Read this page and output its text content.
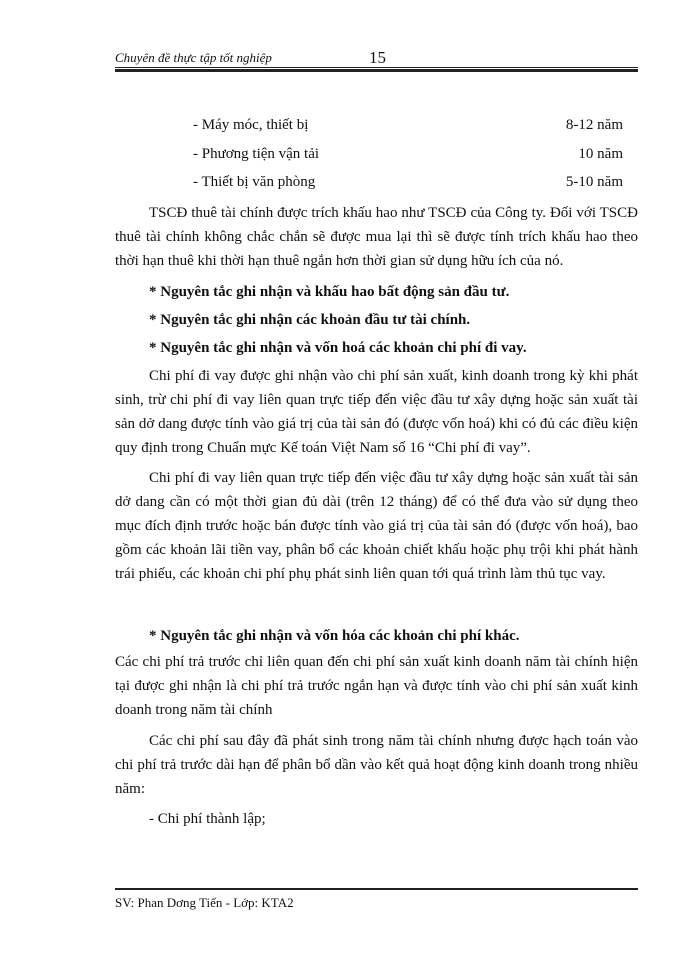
Chuyên đề thực tập tốt nghiệp	15
- Máy móc, thiết bị	8-12 năm
- Phương tiện vận tải	10 năm
- Thiết bị văn phòng	5-10 năm
TSCĐ thuê tài chính được trích khấu hao như TSCĐ của Công ty. Đối với TSCĐ thuê tài chính không chắc chắn sẽ được mua lại thì sẽ được tính trích khấu hao theo thời hạn thuê khi thời hạn thuê ngắn hơn thời gian sử dụng hữu ích của nó.
* Nguyên tắc ghi nhận và khấu hao bất động sản đầu tư.
* Nguyên tắc ghi nhận các khoản đầu tư tài chính.
* Nguyên tắc ghi nhận và vốn hoá các khoản chi phí đi vay.
Chi phí đi vay được ghi nhận vào chi phí sản xuất, kinh doanh trong kỳ khi phát sinh, trừ chi phí đi vay liên quan trực tiếp đến việc đầu tư xây dựng hoặc sản xuất tài sản dở dang được tính vào giá trị của tài sản đó (được vốn hoá) khi có đủ các điều kiện quy định trong Chuẩn mực Kế toán Việt Nam số 16 “Chi phí đi vay”.
Chi phí đi vay liên quan trực tiếp đến việc đầu tư xây dựng hoặc sản xuất tài sản dở dang cần có một thời gian đủ dài (trên 12 tháng) để có thể đưa vào sử dụng theo mục đích định trước hoặc bán được tính vào giá trị của tài sản đó (được vốn hoá), bao gồm các khoản lãi tiền vay, phân bổ các khoản chiết khấu hoặc phụ trội khi phát hành trái phiếu, các khoản chi phí phụ phát sinh liên quan tới quá trình làm thủ tục vay.
* Nguyên tắc ghi nhận và vốn hóa các khoản chi phí khác.
Các chi phí trả trước chỉ liên quan đến chi phí sản xuất kinh doanh năm tài chính hiện tại được ghi nhận là chi phí trả trước ngắn hạn và được tính vào chi phí sản xuất kinh doanh trong năm tài chính
Các chi phí sau đây đã phát sinh trong năm tài chính nhưng được hạch toán vào chi phí trả trước dài hạn để phân bổ dần vào kết quả hoạt động kinh doanh trong nhiều năm:
- Chi phí thành lập;
SV: Phan Dơng Tiến - Lớp: KTA2
